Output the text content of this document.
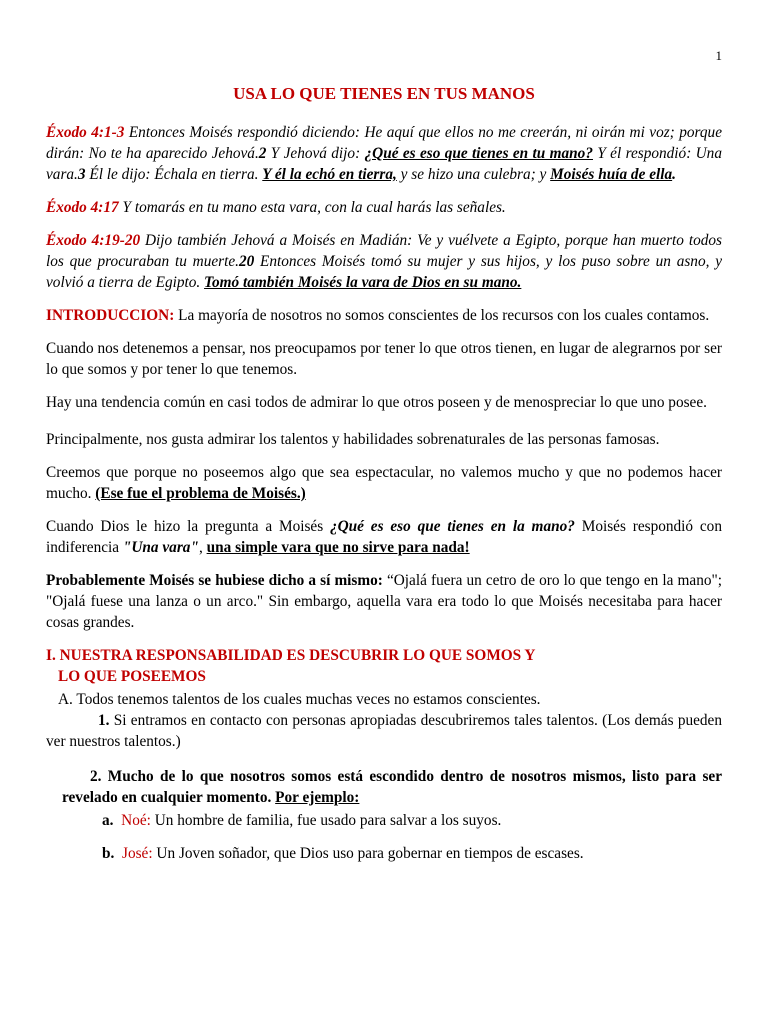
1
USA LO QUE TIENES EN TUS MANOS

Éxodo 4:1-3 Entonces Moisés respondió diciendo: He aquí que ellos no me creerán, ni oirán mi voz; porque dirán: No te ha aparecido Jehová.2 Y Jehová dijo: ¿Qué es eso que tienes en tu mano? Y él respondió: Una vara.3 Él le dijo: Échala en tierra. Y él la echó en tierra, y se hizo una culebra; y Moisés huía de ella.

Éxodo 4:17 Y tomarás en tu mano esta vara, con la cual harás las señales.

Éxodo 4:19-20 Dijo también Jehová a Moisés en Madián: Ve y vuélvete a Egipto, porque han muerto todos los que procuraban tu muerte.20 Entonces Moisés tomó su mujer y sus hijos, y los puso sobre un asno, y volvió a tierra de Egipto. Tomó también Moisés la vara de Dios en su mano.

INTRODUCCION: La mayoría de nosotros no somos conscientes de los recursos con los cuales contamos.

Cuando nos detenemos a pensar, nos preocupamos por tener lo que otros tienen, en lugar de alegrarnos por ser lo que somos y por tener lo que tenemos.

Hay una tendencia común en casi todos de admirar lo que otros poseen y de menospreciar lo que uno posee.

Principalmente, nos gusta admirar los talentos y habilidades sobrenaturales de las personas famosas.

Creemos que porque no poseemos algo que sea espectacular, no valemos mucho y que no podemos hacer mucho. (Ese fue el problema de Moisés.)

Cuando Dios le hizo la pregunta a Moisés ¿Qué es eso que tienes en la mano? Moisés respondió con indiferencia "Una vara", una simple vara que no sirve para nada!

Probablemente Moisés se hubiese dicho a sí mismo: “Ojalá fuera un cetro de oro lo que tengo en la mano"; "Ojalá fuese una lanza o un arco." Sin embargo, aquella vara era todo lo que Moisés necesitaba para hacer cosas grandes.

I. NUESTRA RESPONSABILIDAD ES DESCUBRIR LO QUE SOMOS Y
LO QUE POSEEMOS

A. Todos tenemos talentos de los cuales muchas veces no estamos conscientes.

1. Si entramos en contacto con personas apropiadas descubriremos tales talentos. (Los demás pueden ver nuestros talentos.)

2. Mucho de lo que nosotros somos está escondido dentro de nosotros mismos, listo para ser revelado en cualquier momento. Por ejemplo:

a. Noé: Un hombre de familia, fue usado para salvar a los suyos.

b. José: Un Joven soñador, que Dios uso para gobernar en tiempos de escases.
